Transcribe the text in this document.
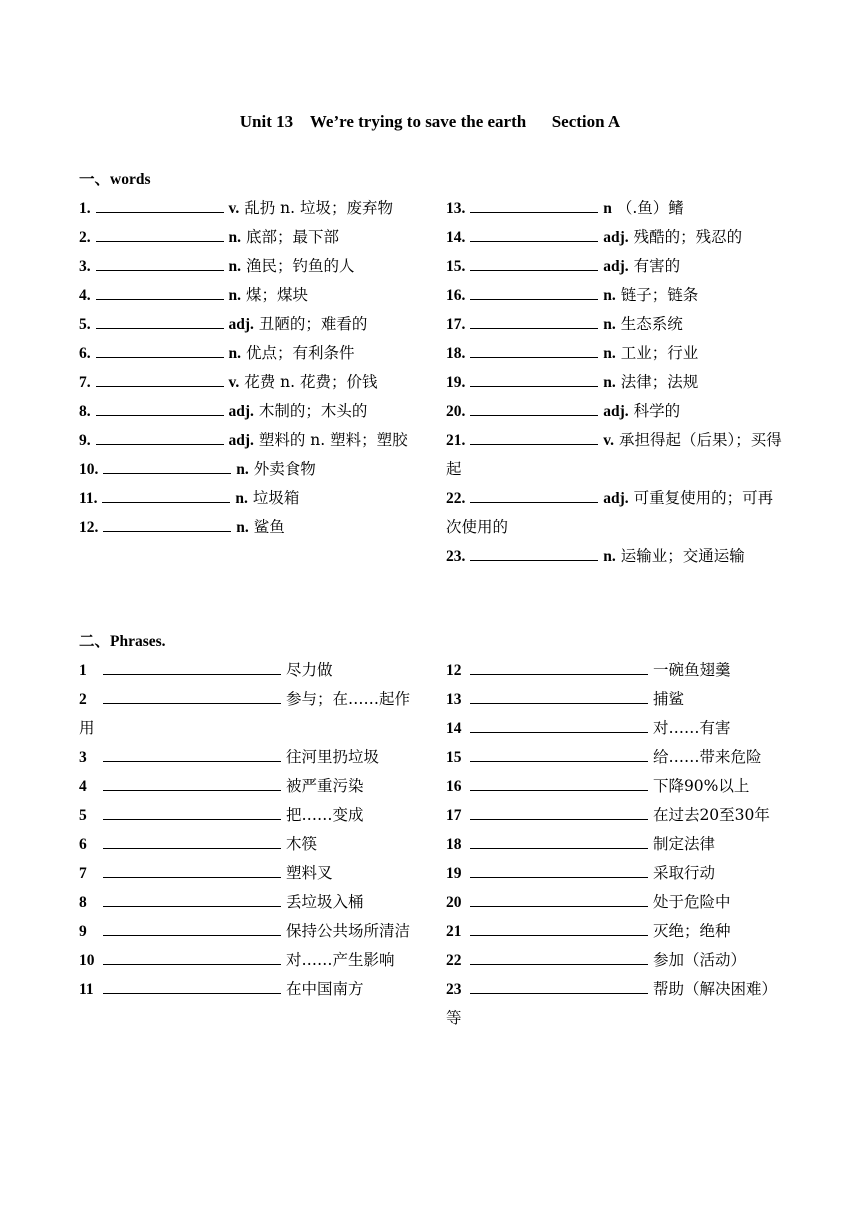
Unit 13    We’re trying to save the earth      Section A
一、words
1.	v. 乱扔 n. 垃圾；废弃物
2.	n. 底部；最下部
3.	n. 渔民；钓鱼的人
4.	n. 煤；煤块
5.	adj. 丑陋的；难看的
6.	n. 优点；有利条件
7.	v. 花费 n. 花费；价钱
8.	adj. 木制的；木头的
9.	adj. 塑料的 n. 塑料；塑胶
10.	n. 外卖食物
11.	n. 垃圾箱
12.	n. 鲨鱼
13.	n （.鱼）鳍
14.	adj. 残酷的；残忍的
15.	adj. 有害的
16.	n. 链子；链条
17.	n. 生态系统
18.	n. 工业；行业
19.	n. 法律；法规
20.	adj. 科学的
21.	v. 承担得起（后果）；买得起
22.	adj. 可重复使用的；可再次使用的
23.	n. 运输业；交通运输
二、Phrases.
1	尽力做
2	参与；在……起作用
3	往河里扔垃圾
4	被严重污染
5	把……变成
6	木筷
7	塑料叉
8	丢垃圾入桶
9	保持公共场所清洁
10	对……产生影响
11	在中国南方
12	一碗鱼翅羹
13	捕鲨
14	对……有害
15	给……带来危险
16	下降90%以上
17	在过去20至30年
18	制定法律
19	采取行动
20	处于危险中
21	灭绝；绝种
22	参加（活动）
23	帮助（解决困难）等
